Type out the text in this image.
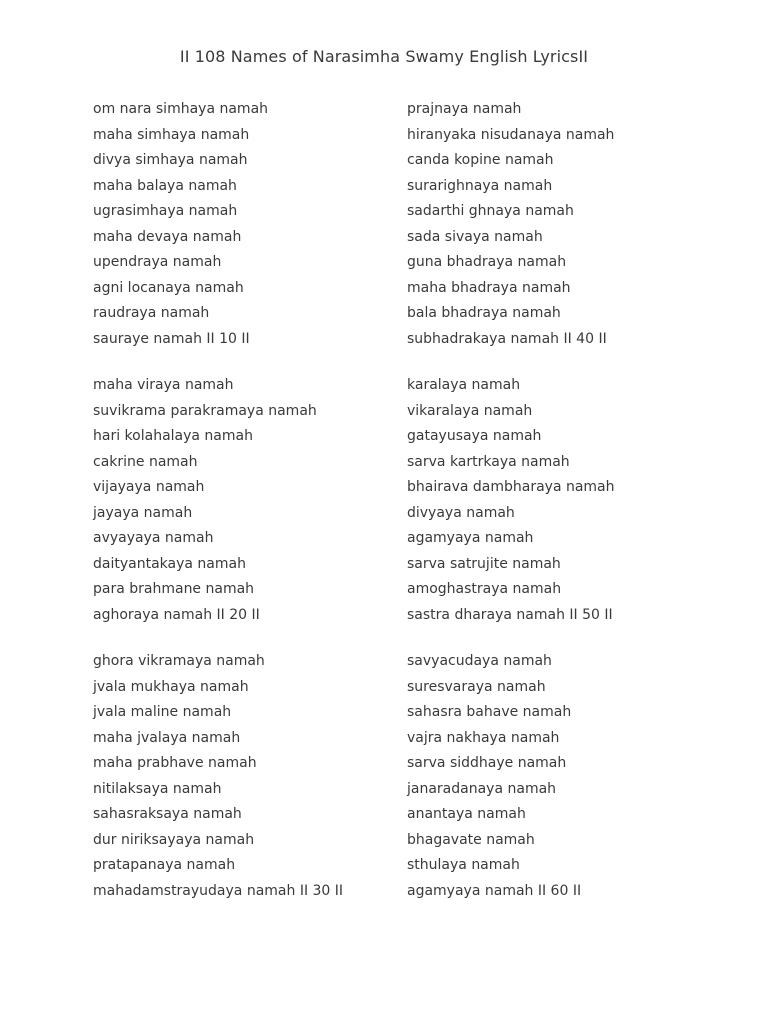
II 108 Names of Narasimha Swamy English LyricsII
om nara simhaya namah
maha simhaya namah
divya simhaya namah
maha balaya namah
ugrasimhaya namah
maha devaya namah
upendraya namah
agni locanaya namah
raudraya namah
sauraye namah II 10 II
maha viraya namah
suvikrama parakramaya namah
hari kolahalaya namah
cakrine namah
vijayaya namah
jayaya namah
avyayaya namah
daityantakaya namah
para brahmane namah
aghoraya namah II 20 II
ghora vikramaya namah
jvala mukhaya namah
jvala maline namah
maha jvalaya namah
maha prabhave namah
nitilaksaya namah
sahasraksaya namah
dur niriksayaya namah
pratapanaya namah
mahadamstrayudaya namah II 30 II
prajnaya namah
hiranyaka nisudanaya namah
canda kopine namah
surarighnaya namah
sadarthi ghnaya namah
sada sivaya namah
guna bhadraya namah
maha bhadraya namah
bala bhadraya namah
subhadrakaya namah II 40 II
karalaya namah
vikaralaya namah
gatayusaya namah
sarva kartrkaya namah
bhairava dambharaya namah
divyaya namah
agamyaya namah
sarva satrujite namah
amoghastraya namah
sastra dharaya namah II 50 II
savyacudaya namah
suresvaraya namah
sahasra bahave namah
vajra nakhaya namah
sarva siddhaye namah
janaradanaya namah
anantaya namah
bhagavate namah
sthulaya namah
agamyaya namah II 60 II
